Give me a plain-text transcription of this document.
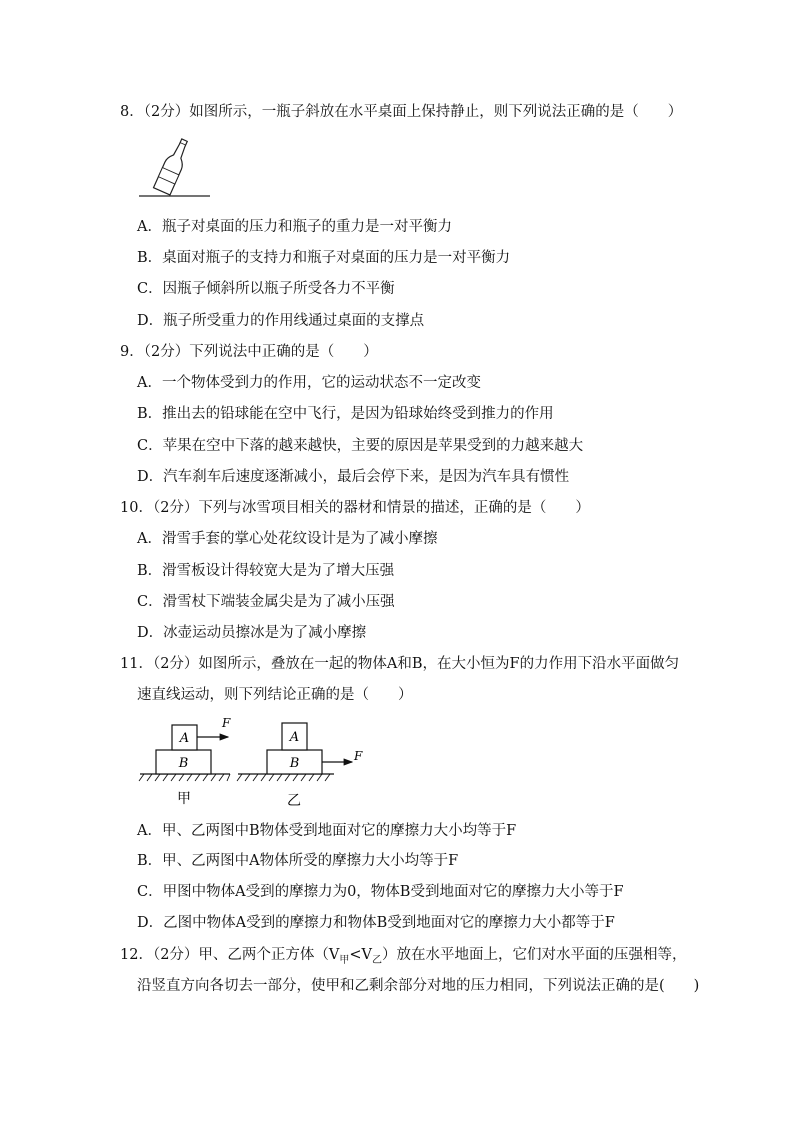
8．（2分）如图所示，一瓶子斜放在水平桌面上保持静止，则下列说法正确的是（　　）
A．瓶子对桌面的压力和瓶子的重力是一对平衡力
B．桌面对瓶子的支持力和瓶子对桌面的压力是一对平衡力
C．因瓶子倾斜所以瓶子所受各力不平衡
D．瓶子所受重力的作用线通过桌面的支撑点
9．（2分）下列说法中正确的是（　　）
A．一个物体受到力的作用，它的运动状态不一定改变
B．推出去的铅球能在空中飞行，是因为铅球始终受到推力的作用
C．苹果在空中下落的越来越快，主要的原因是苹果受到的力越来越大
D．汽车刹车后速度逐渐减小，最后会停下来，是因为汽车具有惯性
10．（2分）下列与冰雪项目相关的器材和情景的描述，正确的是（　　）
A．滑雪手套的掌心处花纹设计是为了减小摩擦
B．滑雪板设计得较宽大是为了增大压强
C．滑雪杖下端装金属尖是为了减小压强
D．冰壶运动员擦冰是为了减小摩擦
11．（2分）如图所示，叠放在一起的物体A和B，在大小恒为F的力作用下沿水平面做匀
速直线运动，则下列结论正确的是（　　）
A
B
F
甲
A
B	F
乙
A．甲、乙两图中B物体受到地面对它的摩擦力大小均等于F
B．甲、乙两图中A物体所受的摩擦力大小均等于F
C．甲图中物体A受到的摩擦力为0，物体B受到地面对它的摩擦力大小等于F
D．乙图中物体A受到的摩擦力和物体B受到地面对它的摩擦力大小都等于F
12．（2分）甲、乙两个正方体$(V_甲<V_乙)$放在水平地面上，它们对水平面的压强相等，
沿竖直方向各切去一部分，使甲和乙剩余部分对地的压力相同，下列说法正确的是(　　)
